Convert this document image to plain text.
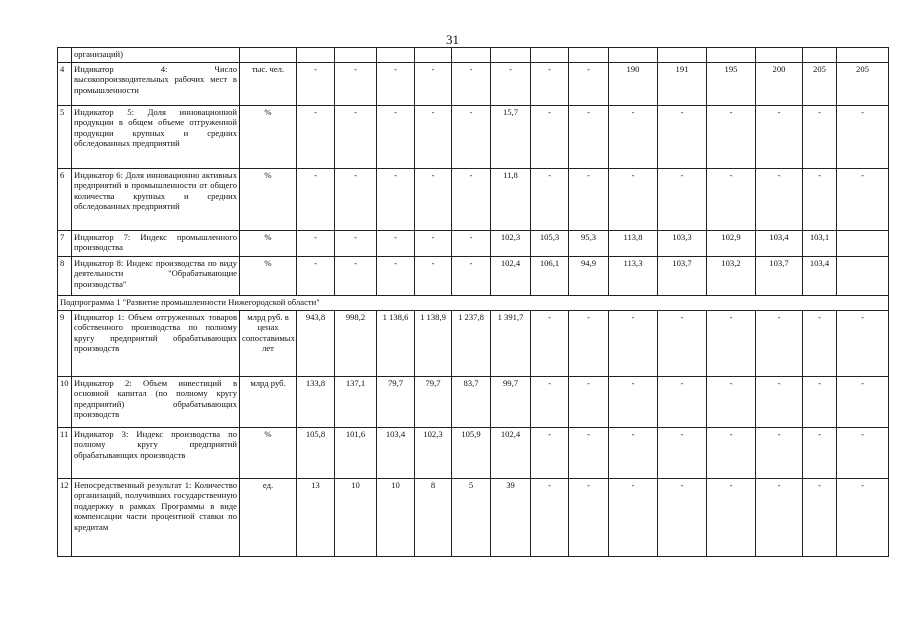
31
	организаций)															
4	Индикатор 4: Число высокопроизводительных рабочих мест в промышленности	тыс. чел.	-	-	-	-	-	-	-	-	190	191	195	200	205	205
5	Индикатор 5: Доля инновационной продукции в общем объеме отгруженной продукции крупных и средних обследованных предприятий	%	-	-	-	-	-	15,7	-	-	-	-	-	-	-	-
6	Индикатор 6: Доля инновационно активных предприятий в промышленности от общего количества крупных и средних обследованных предприятий	%	-	-	-	-	-	11,8	-	-	-	-	-	-	-	-
7	Индикатор 7: Индекс промышленного производства	%	-	-	-	-	-	102,3	105,3	95,3	113,8	103,3	102,9	103,4	103,1	
8	Индикатор 8: Индекс производства по виду деятельности "Обрабатывающие производства"	%	-	-	-	-	-	102,4	106,1	94,9	113,3	103,7	103,2	103,7	103,4	
Подпрограмма 1 "Развитие промышленности Нижегородской области"																
9	Индикатор 1: Объем отгруженных товаров собственного производства по полному кругу предприятий обрабатывающих производств	млрд руб. в ценах сопоставимых лет	943,8	998,2	1 138,6	1 138,9	1 237,8	1 391,7	-	-	-	-	-	-	-	-
10	Индикатор 2: Объем инвестиций в основной капитал (по полному кругу предприятий) обрабатывающих производств	млрд руб.	133,8	137,1	79,7	79,7	83,7	99,7	-	-	-	-	-	-	-	-
11	Индикатор 3: Индекс производства по полному кругу предприятий обрабатывающих производств	%	105,8	101,6	103,4	102,3	105,9	102,4	-	-	-	-	-	-	-	-
12	Непосредственный результат 1: Количество организаций, получивших государственную поддержку в рамках Программы в виде компенсации части процентной ставки по кредитам	ед.	13	10	10	8	5	39	-	-	-	-	-	-	-	-
